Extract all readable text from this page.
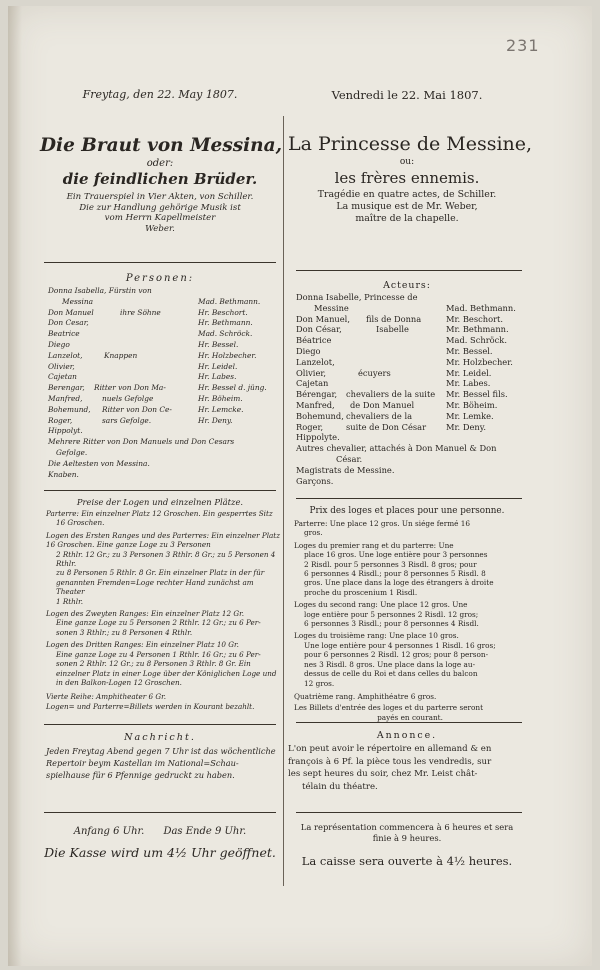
231
Freytag, den 22. May 1807.
Die Braut von Messina,
oder:
die feindlichen Brüder.
Ein Trauerspiel in Vier Akten, von Schiller.
Die zur Handlung gehörige Musik ist
vom Herrn Kapellmeister
Weber.
Personen:
Donna Isabella, Fürstin von
Messina	Mad. Bethmann.
Don Manuel	ihre Söhne	Hr. Beschort.
Don Cesar,	Hr. Bethmann.
Beatrice	Mad. Schröck.
Diego	Hr. Bessel.
Lanzelot,	Knappen	Hr. Holzbecher.
Olivier,	Hr. Leidel.
Cajetan	Hr. Labes.
Berengar, Ritter von Don Ma-	Hr. Bessel d. jüng.
Manfred,	nuels Gefolge	Hr. Böheim.
Bohemund, Ritter von Don Ce-	Hr. Lemcke.
Roger,	sars Gefolge.	Hr. Deny.
Hippolyt.
Mehrere Ritter von Don Manuels und Don Cesars
Gefolge.
Die Aeltesten von Messina.
Knaben.
Preise der Logen und einzelnen Plätze.
Parterre: Ein einzelner Platz 12 Groschen. Ein gesperrtes Sitz
16 Groschen.
Logen des Ersten Ranges und des Parterres: Ein einzelner Platz 16 Groschen. Eine ganze Loge zu 3 Personen
2 Rthlr. 12 Gr.; zu 3 Personen 3 Rthlr. 8 Gr.; zu 5 Personen 4 Rthlr.
zu 8 Personen 5 Rthlr. 8 Gr. Ein einzelner Platz in der für
genannten Fremden=Loge rechter Hand zunächst am Theater
1 Rthlr.
Logen des Zweyten Ranges: Ein einzelner Platz 12 Gr.
Eine ganze Loge zu 5 Personen 2 Rthlr. 12 Gr.; zu 6 Per-
sonen 3 Rthlr.; zu 8 Personen 4 Rthlr.
Logen des Dritten Ranges: Ein einzelner Platz 10 Gr.
Eine ganze Loge zu 4 Personen 1 Rthlr. 16 Gr.; zu 6 Per-
sonen 2 Rthlr. 12 Gr.; zu 8 Personen 3 Rthlr. 8 Gr. Ein
einzelner Platz in einer Loge über der Königlichen Loge und
in den Balkon-Logen 12 Groschen.
Vierte Reihe: Amphitheater 6 Gr.
Logen= und Parterre=Billets werden in Kourant bezahlt.
Nachricht.
Jeden Freytag Abend gegen 7 Uhr ist das wöchentliche
Repertoir beym Kastellan im National=Schau-
spielhause für 6 Pfennige gedruckt zu haben.
Anfang 6 Uhr.      Das Ende 9 Uhr.
Die Kasse wird um 4½ Uhr geöffnet.
Vendredi le 22. Mai 1807.
La Princesse de Messine,
ou:
les frères ennemis.
Tragédie en quatre actes, de Schiller.
La musique est de Mr. Weber,
maître de la chapelle.
Acteurs:
Donna Isabelle, Princesse de
Messine	Mad. Bethmann.
Don Manuel, fils de Donna	Mr. Beschort.
Don César,	Isabelle	Mr. Bethmann.
Béatrice	Mad. Schröck.
Diego	Mr. Bessel.
Lanzelot,	Mr. Holzbecher.
Olivier,	écuyers	Mr. Leidel.
Cajetan	Mr. Labes.
Bérengar, chevaliers de la suite Mr. Bessel fils.
Manfred, de Don Manuel	Mr. Böheim.
Bohemund, chevaliers de la	Mr. Lemke.
Roger,	suite de Don César Mr. Deny.
Hippolyte.
Autres chevalier, attachés à Don Manuel & Don
César.
Magistrats de Messine.
Garçons.
Prix des loges et places pour une personne.
Parterre: Une place 12 gros. Un siége fermé 16
gros.
Loges du premier rang et du parterre: Une
place 16 gros. Une loge entière pour 3 personnes
2 Risdl. pour 5 personnes 3 Risdl. 8 gros; pour
6 personnes 4 Risdl.; pour 8 personnes 5 Risdl. 8
gros. Une place dans la loge des étrangers à droite
proche du proscenium 1 Risdl.
Loges du second rang: Une place 12 gros. Une
loge entière pour 5 personnes 2 Risdl. 12 gros;
6 personnes 3 Risdl.; pour 8 personnes 4 Risdl.
Loges du troisième rang: Une place 10 gros.
Une loge entière pour 4 personnes 1 Risdl. 16 gros;
pour 6 personnes 2 Risdl. 12 gros; pour 8 person-
nes 3 Risdl. 8 gros. Une place dans la loge au-
dessus de celle du Roi et dans celles du balcon
12 gros.
Quatrième rang. Amphithéatre 6 gros.
Les Billets d'entrée des loges et du parterre seront
payés en courant.
Annonce.
L'on peut avoir le répertoire en allemand & en
françois à 6 Pf. la pièce tous les vendredis, sur
les sept heures du soir, chez Mr. Leist chât-
télain du théatre.
La représentation commencera à 6 heures et sera
finie à 9 heures.
La caisse sera ouverte à 4½ heures.
